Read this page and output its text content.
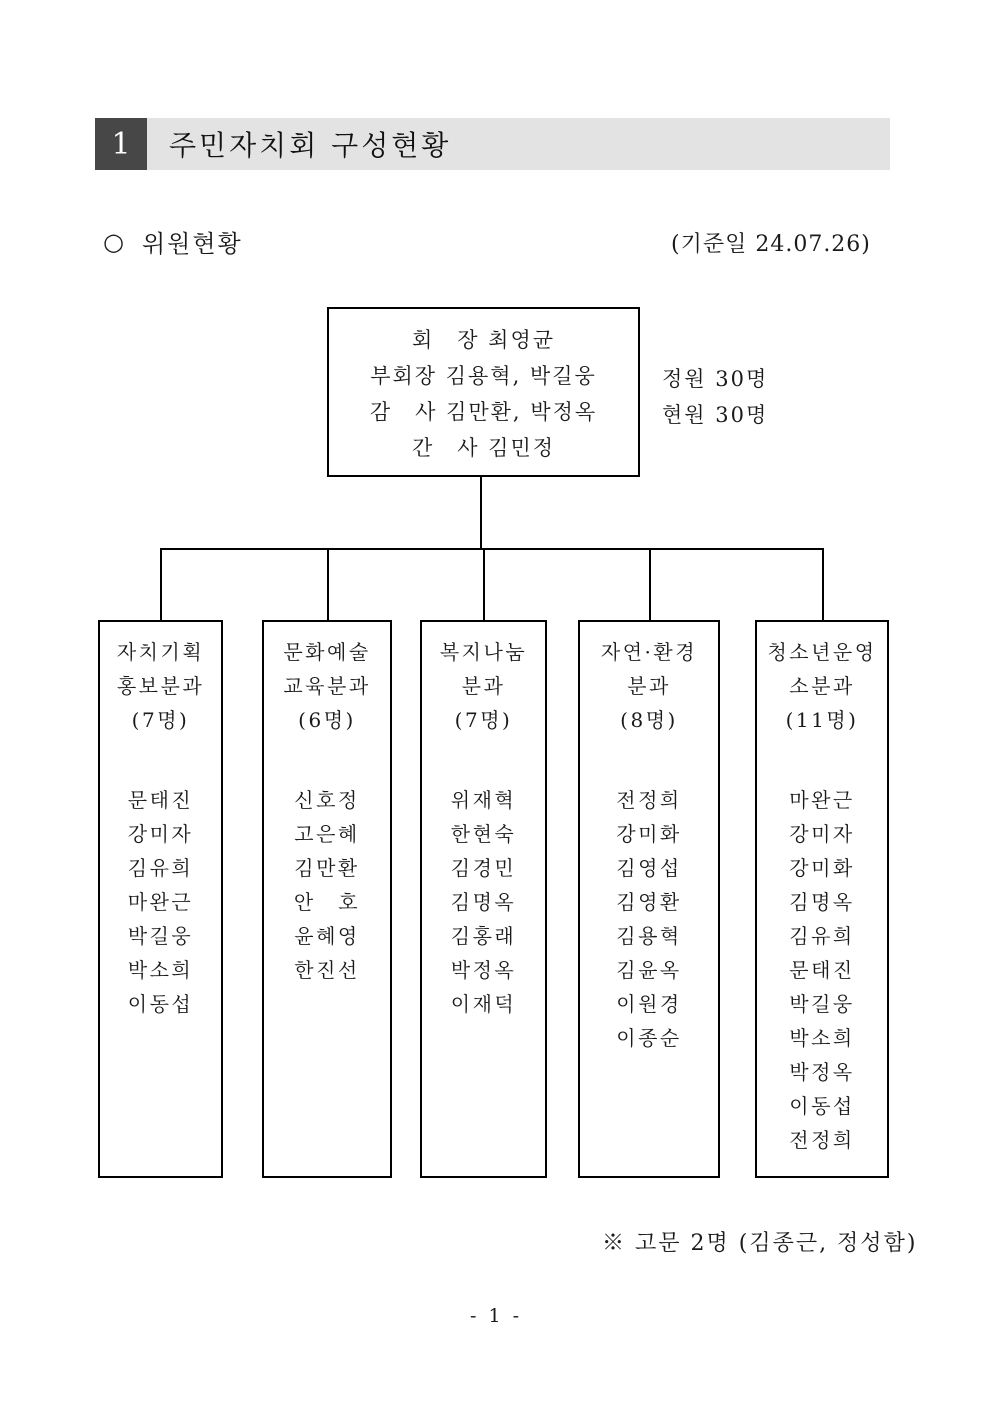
1	주민자치회 구성현황
○ 위원현황	(기준일 24.07.26)
회　장 최영균
부회장 김용혁, 박길웅
감　사 김만환, 박정옥
간　사 김민정
정원 30명
현원 30명
자치기획
홍보분과
(7명)
문태진
강미자
김유희
마완근
박길웅
박소희
이동섭
문화예술
교육분과
(6명)
신호정
고은혜
김만환
안　호
윤혜영
한진선
복지나눔
분과
(7명)
위재혁
한현숙
김경민
김명옥
김홍래
박정옥
이재덕
자연·환경
분과
(8명)
전정희
강미화
김영섭
김영환
김용혁
김윤옥
이원경
이종순
청소년운영
소분과
(11명)
마완근
강미자
강미화
김명옥
김유희
문태진
박길웅
박소희
박정옥
이동섭
전정희
※ 고문 2명 (김종근, 정성함)
- 1 -
